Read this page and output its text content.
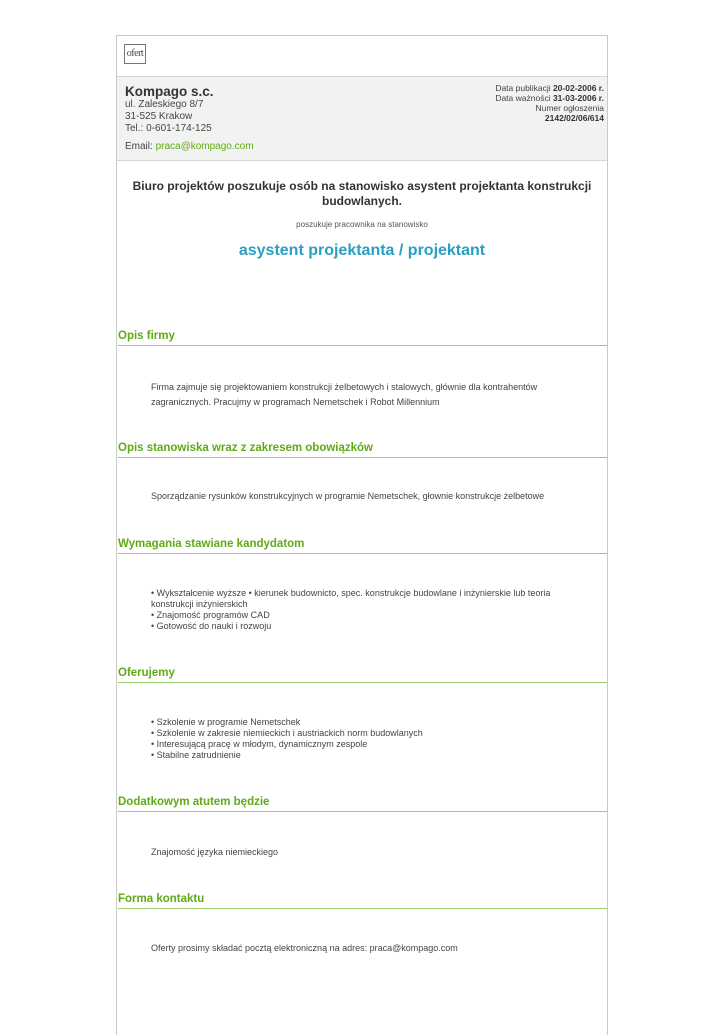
ofert
Kompago s.c.
ul. Zaleskiego 8/7
31-525 Krakow
Tel.: 0-601-174-125
Email: praca@kompago.com
Data publikacji 20-02-2006 r.
Data ważności 31-03-2006 r.
Numer ogłoszenia
2142/02/06/614
Biuro projektów poszukuje osób na stanowisko asystent projektanta konstrukcji budowlanych.
poszukuje pracownika na stanowisko
asystent projektanta / projektant
Opis firmy
Firma zajmuje się projektowaniem konstrukcji żelbetowych i stalowych, głównie dla kontrahentów
zagranicznych. Pracujmy w programach Nemetschek i Robot Millennium
Opis stanowiska wraz z zakresem obowiązków
Sporządzanie rysunków konstrukcyjnych w programie Nemetschek, głownie konstrukcje żelbetowe
Wymagania stawiane kandydatom
• Wykształcenie wyższe • kierunek budownicto, spec. konstrukcje budowlane i inżynierskie lub teoria
konstrukcji inżynierskich
• Znajomość programów CAD
• Gotowość do nauki i rozwoju
Oferujemy
• Szkolenie w programie Nemetschek
• Szkolenie w zakresie niemieckich i austriackich norm budowlanych
• Interesującą pracę w młodym, dynamicznym zespole
• Stabilne zatrudnienie
Dodatkowym atutem będzie
Znajomość języka niemieckiego
Forma kontaktu
Oferty prosimy składać pocztą elektroniczną na adres: praca@kompago.com
